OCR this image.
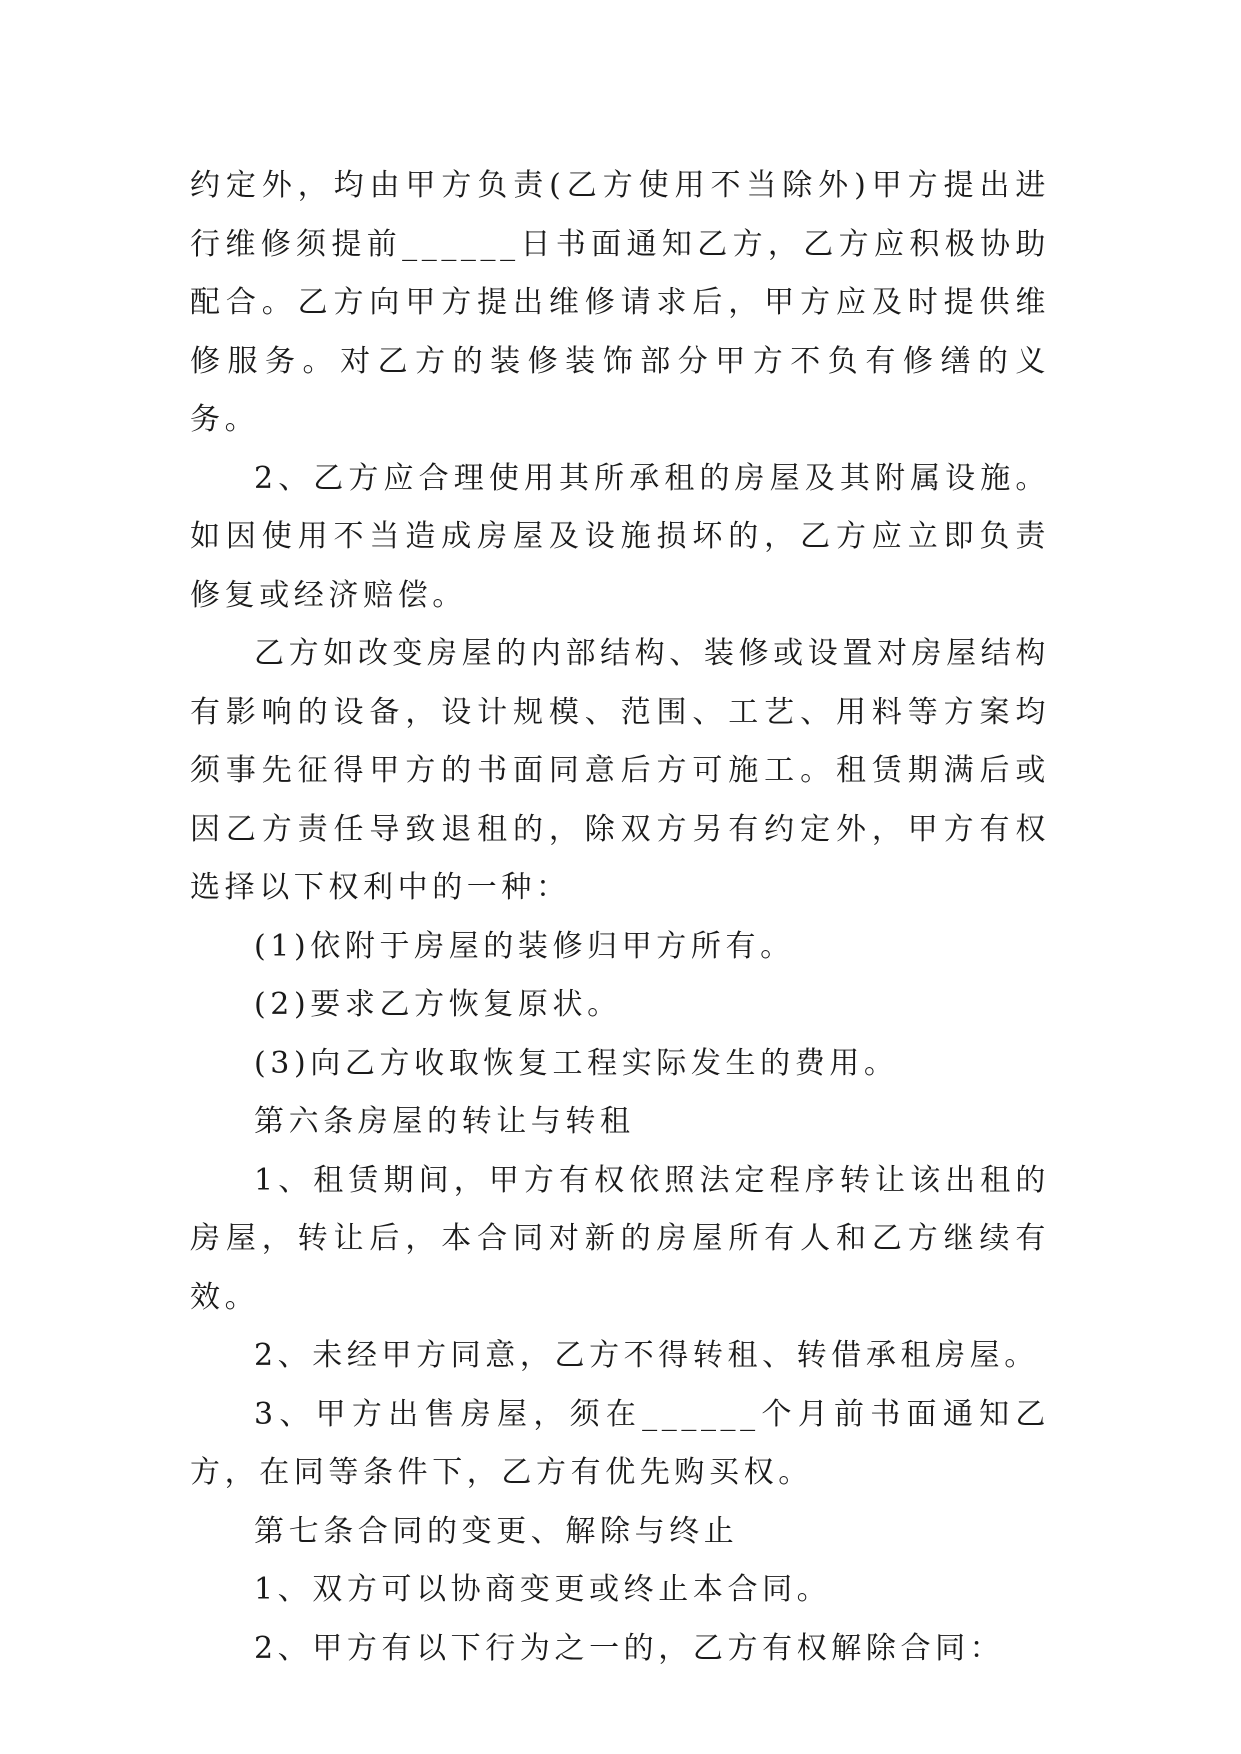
约定外，均由甲方负责(乙方使用不当除外)甲方提出进行维修须提前______日书面通知乙方，乙方应积极协助配合。乙方向甲方提出维修请求后，甲方应及时提供维修服务。对乙方的装修装饰部分甲方不负有修缮的义务。

2、乙方应合理使用其所承租的房屋及其附属设施。如因使用不当造成房屋及设施损坏的，乙方应立即负责修复或经济赔偿。

乙方如改变房屋的内部结构、装修或设置对房屋结构有影响的设备，设计规模、范围、工艺、用料等方案均须事先征得甲方的书面同意后方可施工。租赁期满后或因乙方责任导致退租的，除双方另有约定外，甲方有权选择以下权利中的一种：

(1)依附于房屋的装修归甲方所有。

(2)要求乙方恢复原状。

(3)向乙方收取恢复工程实际发生的费用。

第六条房屋的转让与转租

1、租赁期间，甲方有权依照法定程序转让该出租的房屋，转让后，本合同对新的房屋所有人和乙方继续有效。

2、未经甲方同意，乙方不得转租、转借承租房屋。

3、甲方出售房屋，须在______个月前书面通知乙方，在同等条件下，乙方有优先购买权。

第七条合同的变更、解除与终止

1、双方可以协商变更或终止本合同。

2、甲方有以下行为之一的，乙方有权解除合同：
